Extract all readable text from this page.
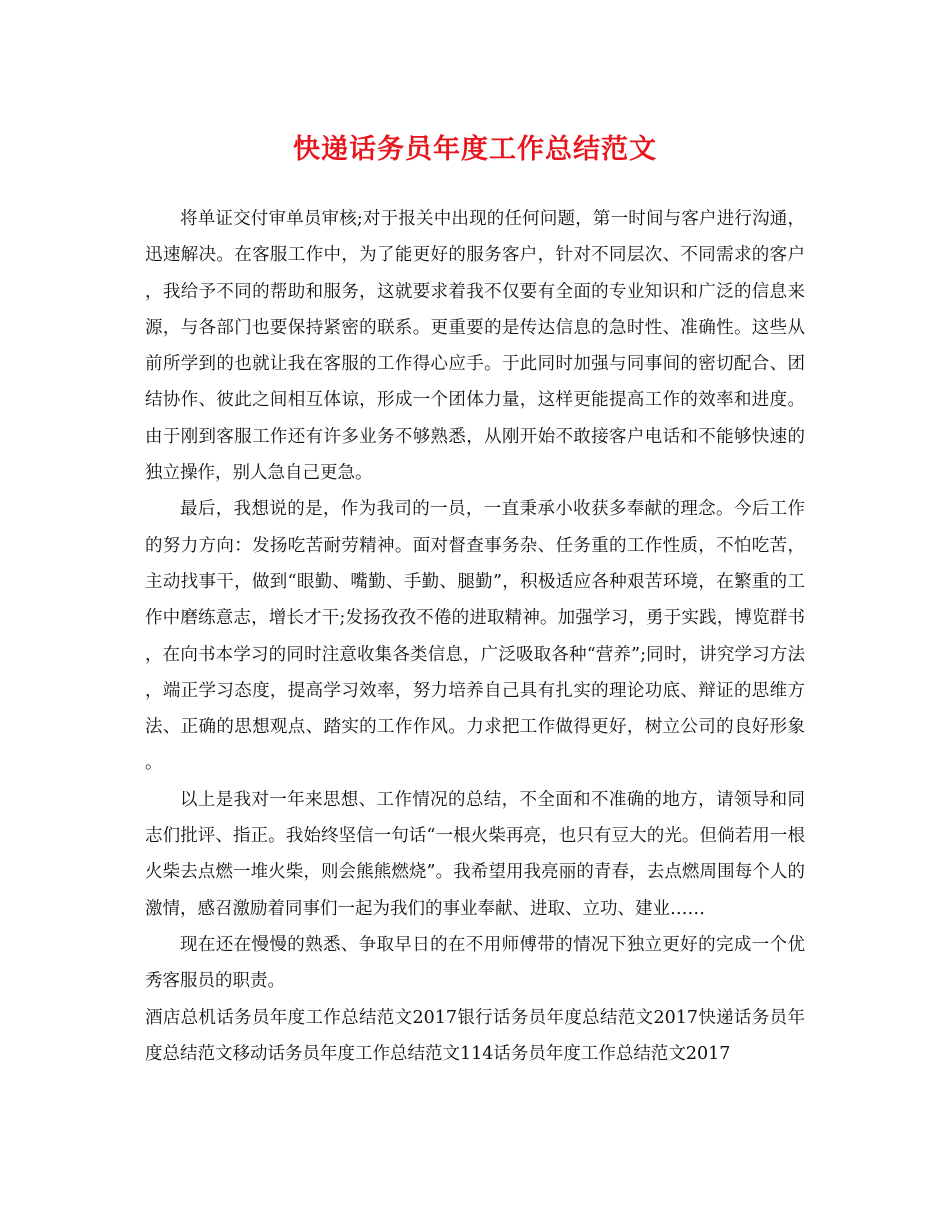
快递话务员年度工作总结范文

将单证交付审单员审核;对于报关中出现的任何问题，第一时间与客户进行沟通，迅速解决。在客服工作中，为了能更好的服务客户，针对不同层次、不同需求的客户，我给予不同的帮助和服务，这就要求着我不仅要有全面的专业知识和广泛的信息来源，与各部门也要保持紧密的联系。更重要的是传达信息的急时性、准确性。这些从前所学到的也就让我在客服的工作得心应手。于此同时加强与同事间的密切配合、团结协作、彼此之间相互体谅，形成一个团体力量，这样更能提高工作的效率和进度。由于刚到客服工作还有许多业务不够熟悉，从刚开始不敢接客户电话和不能够快速的独立操作，别人急自己更急。

最后，我想说的是，作为我司的一员，一直秉承小收获多奉献的理念。今后工作的努力方向：发扬吃苦耐劳精神。面对督查事务杂、任务重的工作性质，不怕吃苦，主动找事干，做到“眼勤、嘴勤、手勤、腿勤”，积极适应各种艰苦环境，在繁重的工作中磨练意志，增长才干;发扬孜孜不倦的进取精神。加强学习，勇于实践，博览群书，在向书本学习的同时注意收集各类信息，广泛吸取各种“营养”;同时，讲究学习方法，端正学习态度，提高学习效率，努力培养自己具有扎实的理论功底、辩证的思维方法、正确的思想观点、踏实的工作作风。力求把工作做得更好，树立公司的良好形象。

以上是我对一年来思想、工作情况的总结，不全面和不准确的地方，请领导和同志们批评、指正。我始终坚信一句话“一根火柴再亮，也只有豆大的光。但倘若用一根火柴去点燃一堆火柴，则会熊熊燃烧”。我希望用我亮丽的青春，去点燃周围每个人的激情，感召激励着同事们一起为我们的事业奉献、进取、立功、建业……

现在还在慢慢的熟悉、争取早日的在不用师傅带的情况下独立更好的完成一个优秀客服员的职责。

酒店总机话务员年度工作总结范文2017银行话务员年度总结范文2017快递话务员年度总结范文移动话务员年度工作总结范文114话务员年度工作总结范文2017
